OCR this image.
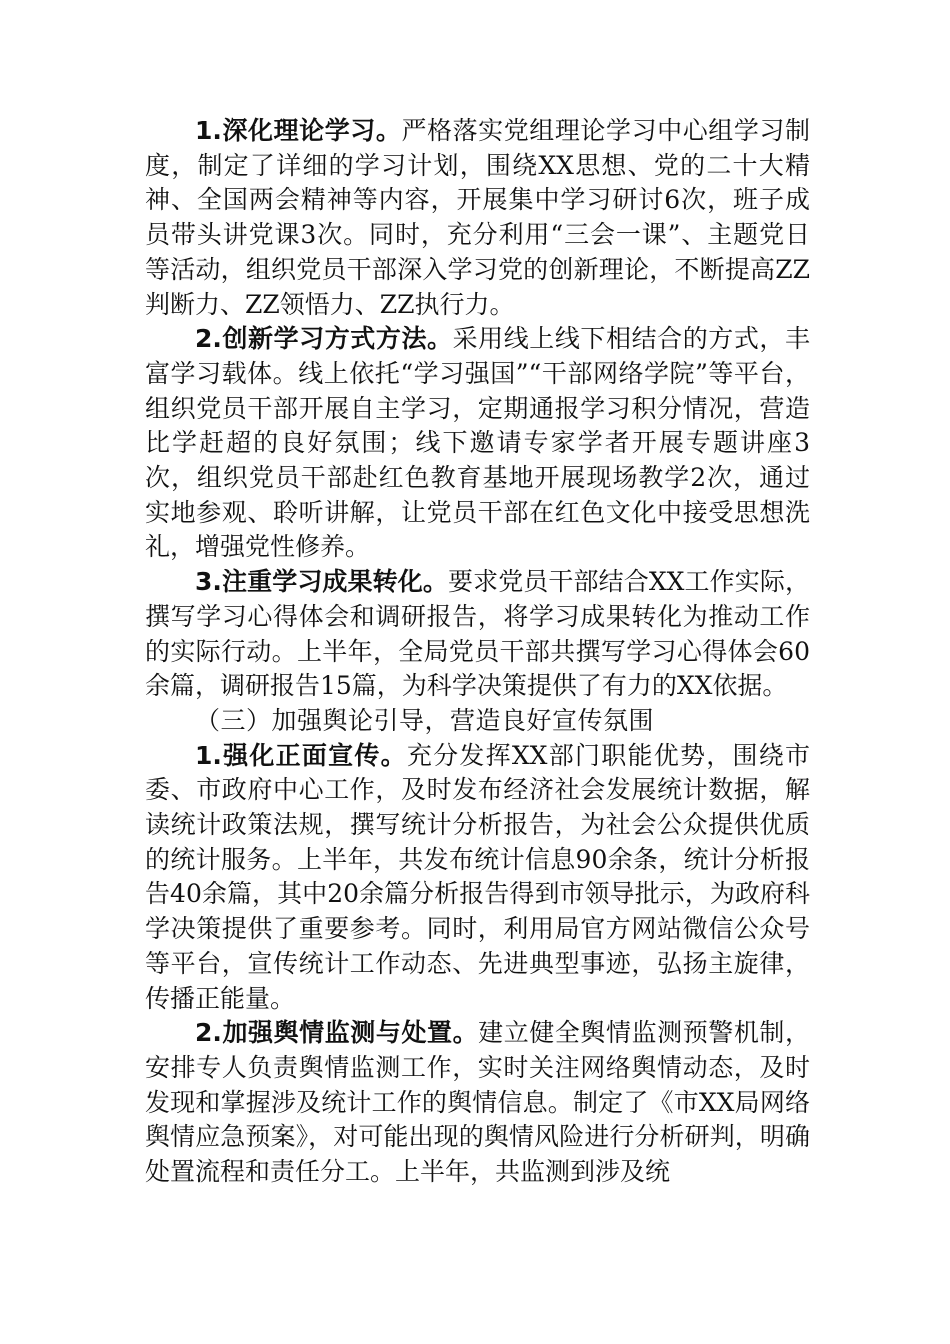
1.深化理论学习。严格落实党组理论学习中心组学习制度，制定了详细的学习计划，围绕XX思想、党的二十大精神、全国两会精神等内容，开展集中学习研讨6次，班子成员带头讲党课3次。同时，充分利用“三会一课”、主题党日等活动，组织党员干部深入学习党的创新理论，不断提高ZZ判断力、ZZ领悟力、ZZ执行力。

2.创新学习方式方法。采用线上线下相结合的方式，丰富学习载体。线上依托“学习强国”“干部网络学院”等平台，组织党员干部开展自主学习，定期通报学习积分情况，营造比学赶超的良好氛围；线下邀请专家学者开展专题讲座3次，组织党员干部赴红色教育基地开展现场教学2次，通过实地参观、聆听讲解，让党员干部在红色文化中接受思想洗礼，增强党性修养。

3.注重学习成果转化。要求党员干部结合XX工作实际，撰写学习心得体会和调研报告，将学习成果转化为推动工作的实际行动。上半年，全局党员干部共撰写学习心得体会60余篇，调研报告15篇，为科学决策提供了有力的XX依据。

（三）加强舆论引导，营造良好宣传氛围

1.强化正面宣传。充分发挥XX部门职能优势，围绕市委、市政府中心工作，及时发布经济社会发展统计数据，解读统计政策法规，撰写统计分析报告，为社会公众提供优质的统计服务。上半年，共发布统计信息90余条，统计分析报告40余篇，其中20余篇分析报告得到市领导批示，为政府科学决策提供了重要参考。同时，利用局官方网站微信公众号等平台，宣传统计工作动态、先进典型事迹，弘扬主旋律，传播正能量。

2.加强舆情监测与处置。建立健全舆情监测预警机制，安排专人负责舆情监测工作，实时关注网络舆情动态，及时发现和掌握涉及统计工作的舆情信息。制定了《市XX局网络舆情应急预案》，对可能出现的舆情风险进行分析研判，明确处置流程和责任分工。上半年，共监测到涉及统
